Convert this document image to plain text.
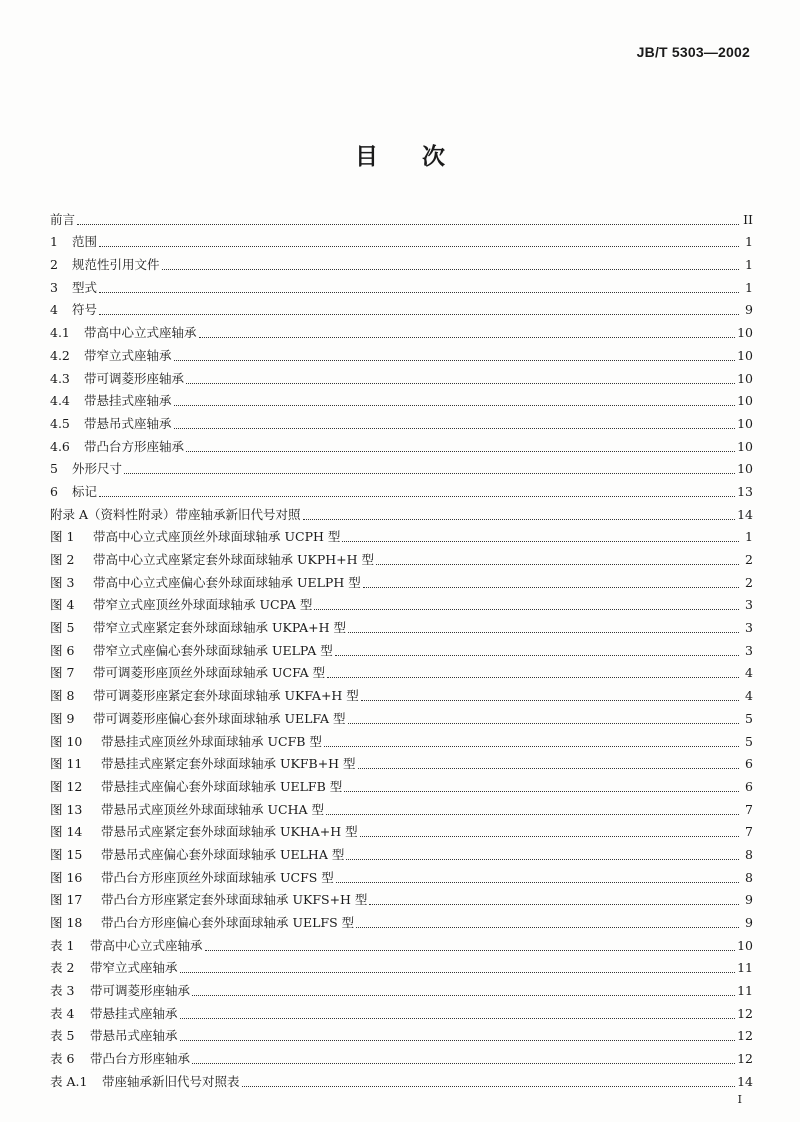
JB/T 5303—2002
目 次
前言	II
1	范围	1
2	规范性引用文件	1
3	型式	1
4	符号	9
4.1	带高中心立式座轴承	10
4.2	带窄立式座轴承	10
4.3	带可调菱形座轴承	10
4.4	带悬挂式座轴承	10
4.5	带悬吊式座轴承	10
4.6	带凸台方形座轴承	10
5	外形尺寸	10
6	标记	13
附录 A（资料性附录）带座轴承新旧代号对照	14
图 1	带高中心立式座顶丝外球面球轴承 UCPH 型	1
图 2	带高中心立式座紧定套外球面球轴承 UKPH+H 型	2
图 3	带高中心立式座偏心套外球面球轴承 UELPH 型	2
图 4	带窄立式座顶丝外球面球轴承 UCPA 型	3
图 5	带窄立式座紧定套外球面球轴承 UKPA+H 型	3
图 6	带窄立式座偏心套外球面球轴承 UELPA 型	3
图 7	带可调菱形座顶丝外球面球轴承 UCFA 型	4
图 8	带可调菱形座紧定套外球面球轴承 UKFA+H 型	4
图 9	带可调菱形座偏心套外球面球轴承 UELFA 型	5
图 10	带悬挂式座顶丝外球面球轴承 UCFB 型	5
图 11	带悬挂式座紧定套外球面球轴承 UKFB+H 型	6
图 12	带悬挂式座偏心套外球面球轴承 UELFB 型	6
图 13	带悬吊式座顶丝外球面球轴承 UCHA 型	7
图 14	带悬吊式座紧定套外球面球轴承 UKHA+H 型	7
图 15	带悬吊式座偏心套外球面球轴承 UELHA 型	8
图 16	带凸台方形座顶丝外球面球轴承 UCFS 型	8
图 17	带凸台方形座紧定套外球面球轴承 UKFS+H 型	9
图 18	带凸台方形座偏心套外球面球轴承 UELFS 型	9
表 1	带高中心立式座轴承	10
表 2	带窄立式座轴承	11
表 3	带可调菱形座轴承	11
表 4	带悬挂式座轴承	12
表 5	带悬吊式座轴承	12
表 6	带凸台方形座轴承	12
表 A.1	带座轴承新旧代号对照表	14
I
